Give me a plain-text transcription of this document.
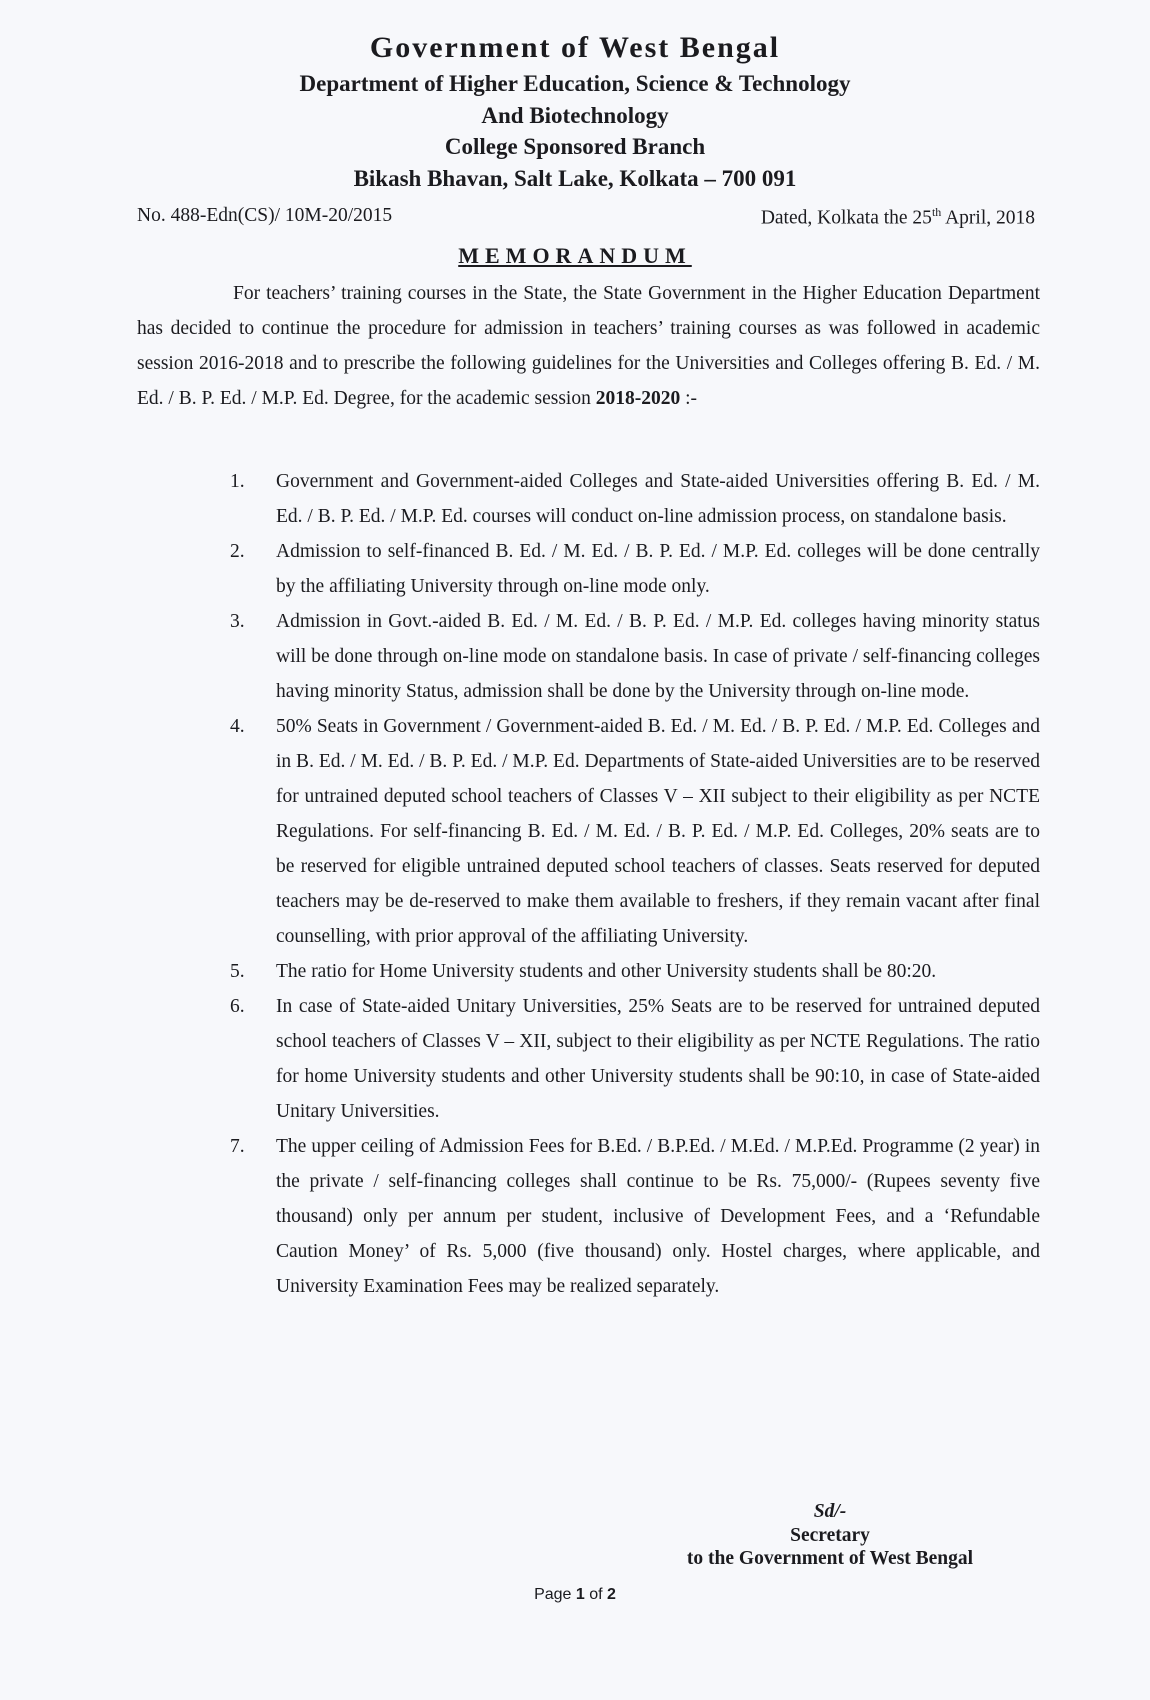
Government of West Bengal
Department of Higher Education, Science & Technology
And Biotechnology
College Sponsored Branch
Bikash Bhavan, Salt Lake, Kolkata – 700 091
No. 488-Edn(CS)/ 10M-20/2015	Dated, Kolkata the 25th April, 2018
MEMORANDUM

For teachers’ training courses in the State, the State Government in the Higher Education Department has decided to continue the procedure for admission in teachers’ training courses as was followed in academic session 2016-2018 and to prescribe the following guidelines for the Universities and Colleges offering B. Ed. / M. Ed. / B. P. Ed. / M.P. Ed. Degree, for the academic session 2018-2020 :-

1.	Government and Government-aided Colleges and State-aided Universities offering B. Ed. / M. Ed. / B. P. Ed. / M.P. Ed. courses will conduct on-line admission process, on standalone basis.
2.	Admission to self-financed B. Ed. / M. Ed. / B. P. Ed. / M.P. Ed. colleges will be done centrally by the affiliating University through on-line mode only.
3.	Admission in Govt.-aided B. Ed. / M. Ed. / B. P. Ed. / M.P. Ed. colleges having minority status will be done through on-line mode on standalone basis. In case of private / self-financing colleges having minority Status, admission shall be done by the University through on-line mode.
4.	50% Seats in Government / Government-aided B. Ed. / M. Ed. / B. P. Ed. / M.P. Ed. Colleges and in B. Ed. / M. Ed. / B. P. Ed. / M.P. Ed. Departments of State-aided Universities are to be reserved for untrained deputed school teachers of Classes V – XII subject to their eligibility as per NCTE Regulations. For self-financing B. Ed. / M. Ed. / B. P. Ed. / M.P. Ed. Colleges, 20% seats are to be reserved for eligible untrained deputed school teachers of classes. Seats reserved for deputed teachers may be de-reserved to make them available to freshers, if they remain vacant after final counselling, with prior approval of the affiliating University.
5.	The ratio for Home University students and other University students shall be 80:20.
6.	In case of State-aided Unitary Universities, 25% Seats are to be reserved for untrained deputed school teachers of Classes V – XII, subject to their eligibility as per NCTE Regulations. The ratio for home University students and other University students shall be 90:10, in case of State-aided Unitary Universities.
7.	The upper ceiling of Admission Fees for B.Ed. / B.P.Ed. / M.Ed. / M.P.Ed. Programme (2 year) in the private / self-financing colleges shall continue to be Rs. 75,000/- (Rupees seventy five thousand) only per annum per student, inclusive of Development Fees, and a ‘Refundable Caution Money’ of Rs. 5,000 (five thousand) only. Hostel charges, where applicable, and University Examination Fees may be realized separately.
Sd/-
Secretary
to the Government of West Bengal
Page 1 of 2
